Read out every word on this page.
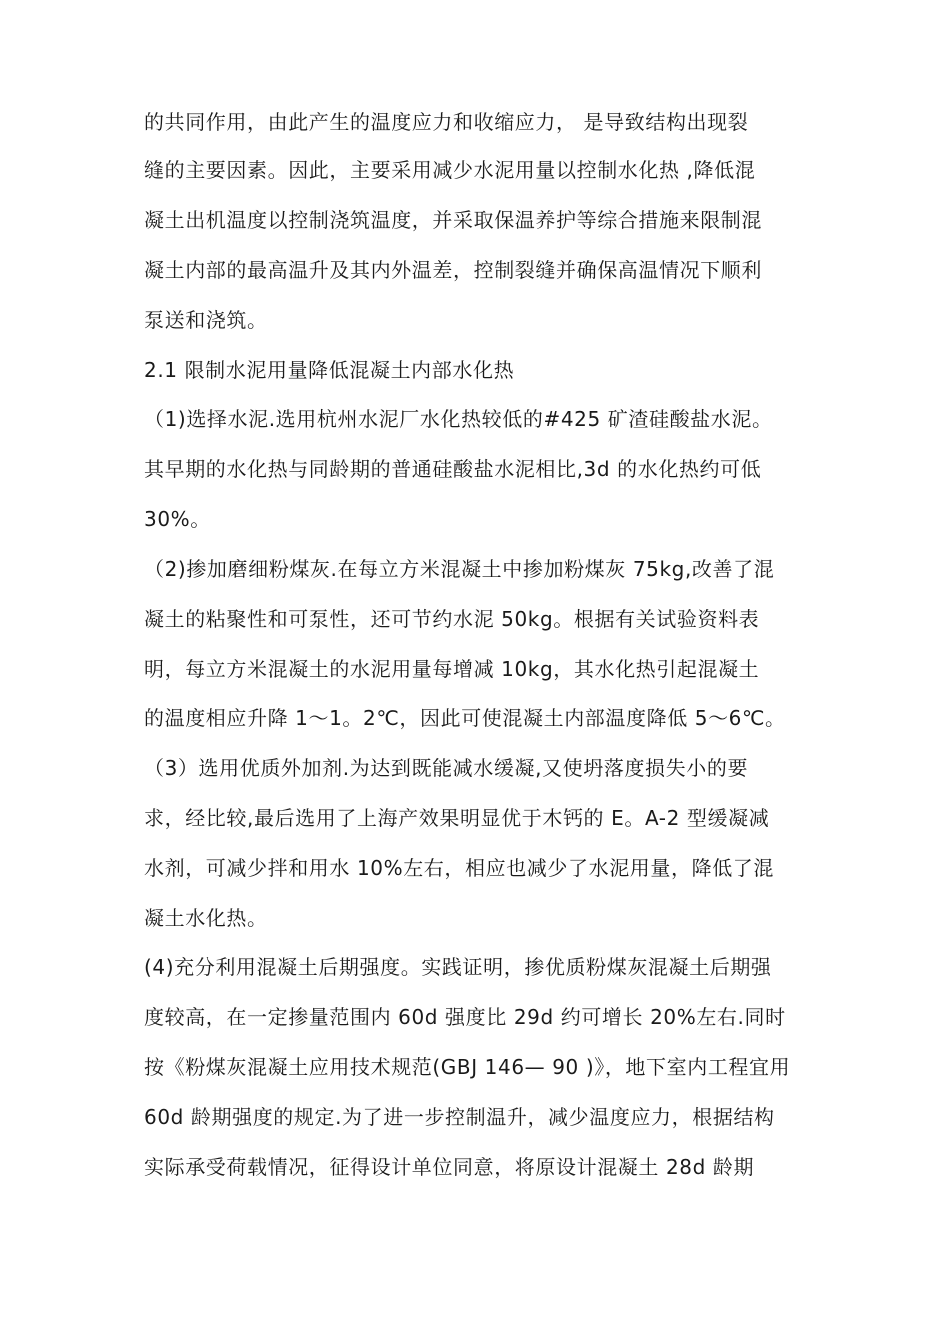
的共同作用，由此产生的温度应力和收缩应力， 是导致结构出现裂
缝的主要因素。因此，主要采用减少水泥用量以控制水化热 ,降低混
凝土出机温度以控制浇筑温度，并采取保温养护等综合措施来限制混
凝土内部的最高温升及其内外温差，控制裂缝并确保高温情况下顺利
泵送和浇筑。
2.1 限制水泥用量降低混凝土内部水化热
（1)选择水泥.选用杭州水泥厂水化热较低的#425 矿渣硅酸盐水泥。
其早期的水化热与同龄期的普通硅酸盐水泥相比,3d 的水化热约可低
30%。
（2)掺加磨细粉煤灰.在每立方米混凝土中掺加粉煤灰 75kg,改善了混
凝土的粘聚性和可泵性，还可节约水泥 50kg。根据有关试验资料表
明，每立方米混凝土的水泥用量每增减 10kg，其水化热引起混凝土
的温度相应升降 1～1。2℃，因此可使混凝土内部温度降低 5～6℃。
（3）选用优质外加剂.为达到既能减水缓凝,又使坍落度损失小的要
求，经比较,最后选用了上海产效果明显优于木钙的 E。A-2 型缓凝减
水剂，可减少拌和用水 10%左右，相应也减少了水泥用量，降低了混
凝土水化热。
(4)充分利用混凝土后期强度。实践证明，掺优质粉煤灰混凝土后期强
度较高，在一定掺量范围内 60d 强度比 29d 约可增长 20%左右.同时
按《粉煤灰混凝土应用技术规范(GBJ 146— 90 )》，地下室内工程宜用
60d 龄期强度的规定.为了进一步控制温升，减少温度应力，根据结构
实际承受荷载情况，征得设计单位同意，将原设计混凝土 28d 龄期
